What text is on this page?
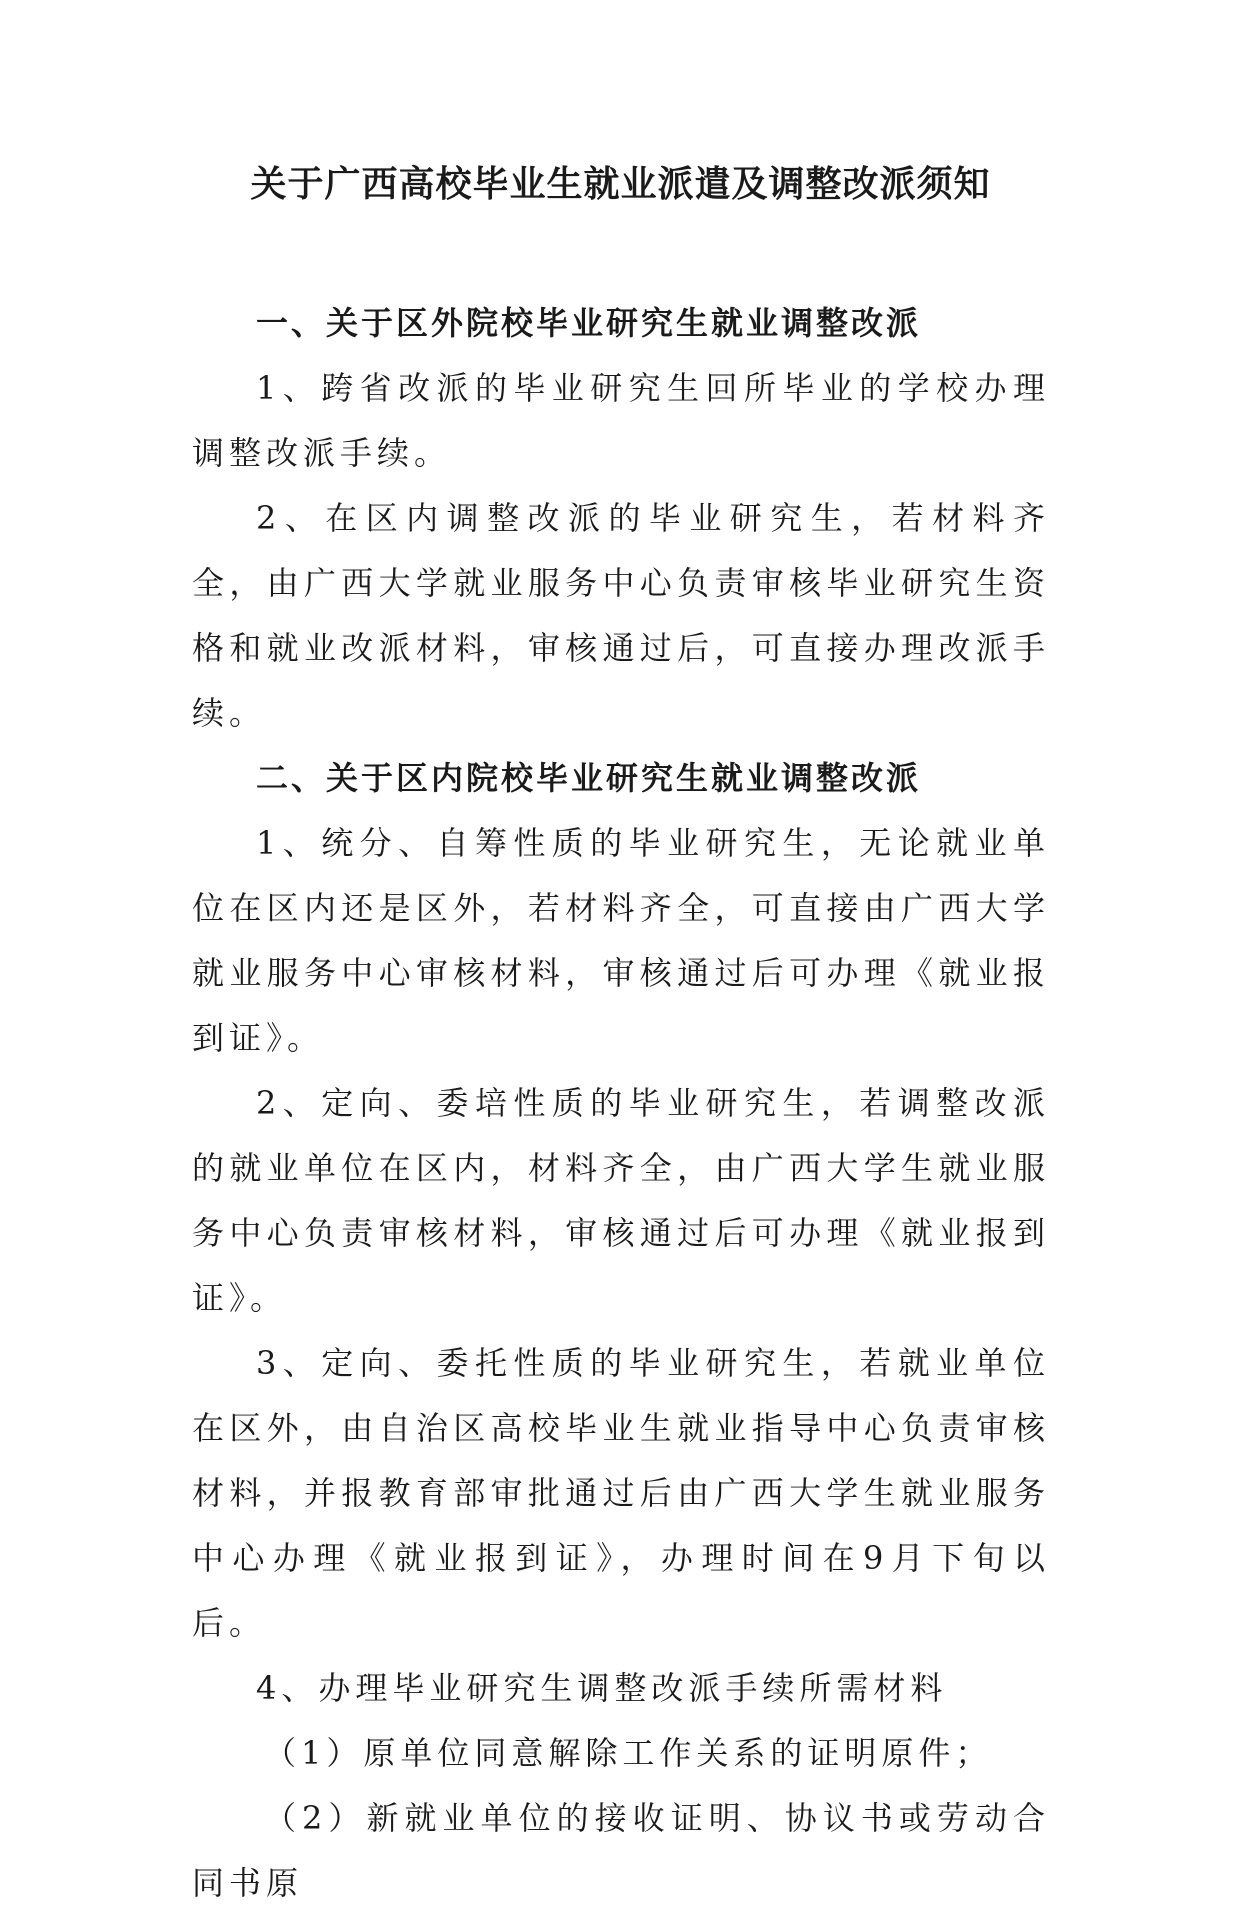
关于广西高校毕业生就业派遣及调整改派须知

一、关于区外院校毕业研究生就业调整改派

1、跨省改派的毕业研究生回所毕业的学校办理调整改派手续。

2、在区内调整改派的毕业研究生，若材料齐全，由广西大学就业服务中心负责审核毕业研究生资格和就业改派材料，审核通过后，可直接办理改派手续。

二、关于区内院校毕业研究生就业调整改派

1、统分、自筹性质的毕业研究生，无论就业单位在区内还是区外，若材料齐全，可直接由广西大学就业服务中心审核材料，审核通过后可办理《就业报到证》。

2、定向、委培性质的毕业研究生，若调整改派的就业单位在区内，材料齐全，由广西大学生就业服务中心负责审核材料，审核通过后可办理《就业报到证》。

3、定向、委托性质的毕业研究生，若就业单位在区外，由自治区高校毕业生就业指导中心负责审核材料，并报教育部审批通过后由广西大学生就业服务中心办理《就业报到证》，办理时间在9月下旬以后。

4、办理毕业研究生调整改派手续所需材料

（1）原单位同意解除工作关系的证明原件；

（2）新就业单位的接收证明、协议书或劳动合同书原
